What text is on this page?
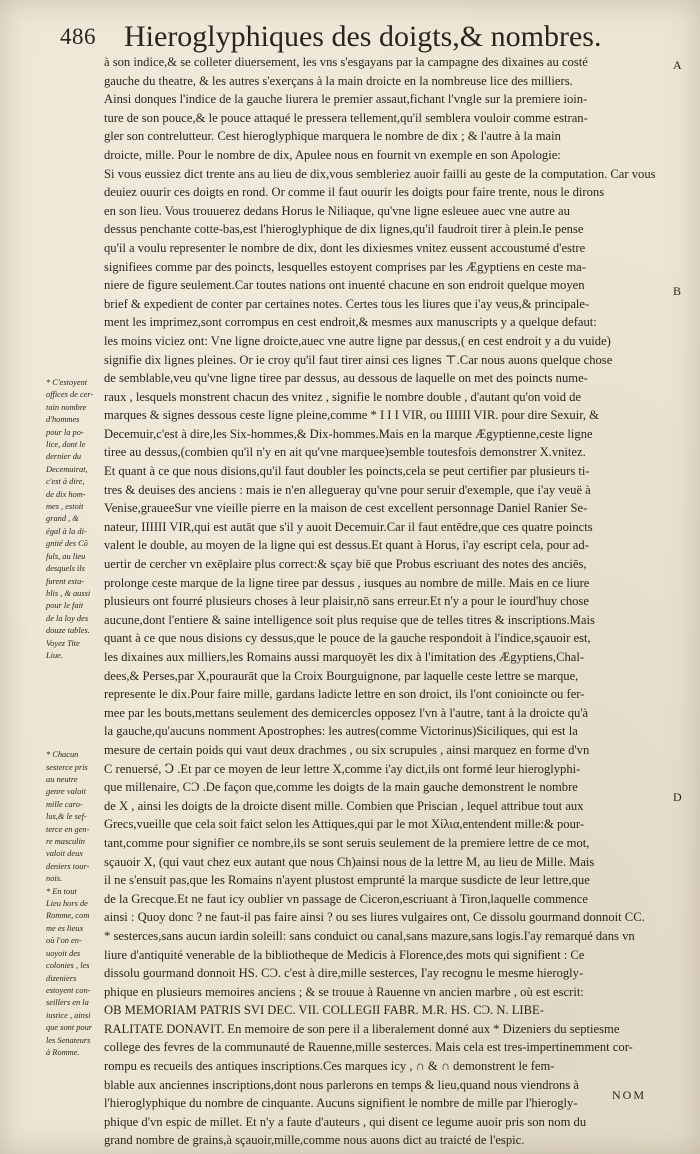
486 Hieroglyphiques des doigts,& nombres.
* C'estoyent
offices de cer-
tain nombre
d'hommes
pour la po-
lice, dont le
dernier du
Decemuirat,
c'est à dire,
de dix hom-
mes , estoit
grand , &
égal à la di-
gnité des Cō
fuls, au lieu
desquels ils
furent esta-
blis , & aussi
pour le fait
de la loy des
douze tables.
Voyez Tite
Liue.

* Chacun
sesterce pris
au neutre
genre valoit
mille caro-
lus,& le sef-
terce en gen-
re masculin
valoit deux
deniers tour-
nois.
* En tout
Lieu hors de
Romme, com
me es lieux
où l'on en-
uoyoit des
colonies , les
dizeniers
estoyent con-
seillers en la
iustice , ainsi
que sont pour
les Senateurs
à Romme.
à son indice,& se colleter diuersement, les vns s'esgayans par la campagne des dixaines au costé
gauche du theatre, & les autres s'exerçans à la main droicte en la nombreuse lice des milliers.
Ainsi donques l'indice de la gauche liurera le premier assaut,fichant l'vngle sur la premiere ioin-
ture de son pouce,& le pouce attaqué le pressera tellement,qu'il semblera vouloir comme estran-
gler son contrelutteur. Cest hieroglyphique marquera le nombre de dix ; & l'autre à la main
droicte, mille. Pour le nombre de dix, Apulee nous en fournit vn exemple en son Apologie:
Si vous eussiez dict trente ans au lieu de dix,vous sembleriez auoir failli au geste de la computation. Car vous
deuiez ouurir ces doigts en rond. Or comme il faut ouurir les doigts pour faire trente, nous le dirons
en son lieu. Vous trouuerez dedans Horus le Niliaque, qu'vne ligne esleuee auec vne autre au
dessus penchante cotte-bas,est l'hieroglyphique de dix lignes,qu'il faudroit tirer à plein.Ie pense
qu'il a voulu representer le nombre de dix, dont les dixiesmes vnitez eussent accoustumé d'estre
signifiees comme par des poincts, lesquelles estoyent comprises par les Ægyptiens en ceste ma-
niere de figure seulement.Car toutes nations ont inuenté chacune en son endroit quelque moyen
brief & expedient de conter par certaines notes. Certes tous les liures que i'ay veus,& principale-
ment les imprimez,sont corrompus en cest endroit,& mesmes aux manuscripts y a quelque defaut:
les moins viciez ont: Vne ligne droicte,auec vne autre ligne par dessus,( en cest endroit y a du vuide)
signifie dix lignes pleines. Or ie croy qu'il faut tirer ainsi ces lignes ⊤.Car nous auons quelque chose
de semblable,veu qu'vne ligne tiree par dessus, au dessous de laquelle on met des poincts nume-
raux , lesquels monstrent chacun des vnitez , signifie le nombre double , d'autant qu'on void de
marques & signes dessous ceste ligne pleine,comme * I I I VIR, ou IIIIII VIR. pour dire Sexuir, &
Decemuir,c'est à dire,les Six-hommes,& Dix-hommes.Mais en la marque Ægyptienne,ceste ligne
tiree au dessus,(combien qu'il n'y en ait qu'vne marquee)semble toutesfois demonstrer X.vnitez.
Et quant à ce que nous disions,qu'il faut doubler les poincts,cela se peut certifier par plusieurs ti-
tres & deuises des anciens : mais ie n'en allegueray qu'vne pour seruir d'exemple, que i'ay veuë à
Venise,graueeSur vne vieille pierre en la maison de cest excellent personnage Daniel Ranier Se-
nateur, IIIIII VIR,qui est autāt que s'il y auoit Decemuir.Car il faut entēdre,que ces quatre poincts
valent le double, au moyen de la ligne qui est dessus.Et quant à Horus, i'ay escript cela, pour ad-
uertir de cercher vn exēplaire plus correct:& sçay biē que Probus escriuant des notes des anciēs,
prolonge ceste marque de la ligne tiree par dessus , iusques au nombre de mille. Mais en ce liure
plusieurs ont fourré plusieurs choses à leur plaisir,nō sans erreur.Et n'y a pour le iourd'huy chose
aucune,dont l'entiere & saine intelligence soit plus requise que de telles titres & inscriptions.Mais
quant à ce que nous disions cy dessus,que le pouce de la gauche respondoit à l'indice,sçauoir est,
les dixaines aux milliers,les Romains aussi marquoyēt les dix à l'imitation des Ægyptiens,Chal-
dees,& Perses,par X,pouraurāt que la Croix Bourguignone, par laquelle ceste lettre se marque,
represente le dix.Pour faire mille, gardans ladicte lettre en son droict, ils l'ont conioincte ou fer-
mee par les bouts,mettans seulement des demicercles opposez l'vn à l'autre, tant à la droicte qu'à
la gauche,qu'aucuns nomment Apostrophes: les autres(comme Victorinus)Siciliques, qui est la
mesure de certain poids qui vaut deux drachmes , ou six scrupules , ainsi marquez en forme d'vn
C renuersé, Ↄ .Et par ce moyen de leur lettre X,comme i'ay dict,ils ont formé leur hieroglyphi-
que millenaire, CƆ .De façon que,comme les doigts de la main gauche demonstrent le nombre
de X , ainsi les doigts de la droicte disent mille. Combien que Priscian , lequel attribue tout aux
Grecs,vueille que cela soit faict selon les Attiques,qui par le mot Χίλια,entendent mille:& pour-
tant,comme pour signifier ce nombre,ils se sont seruis seulement de la premiere lettre de ce mot,
sçauoir X, (qui vaut chez eux autant que nous Ch)ainsi nous de la lettre M, au lieu de Mille. Mais
il ne s'ensuit pas,que les Romains n'ayent plustost emprunté la marque susdicte de leur lettre,que
de la Grecque.Et ne faut icy oublier vn passage de Ciceron,escriuant à Tiron,laquelle commence
ainsi : Quoy donc ? ne faut-il pas faire ainsi ? ou ses liures vulgaires ont, Ce dissolu gourmand donnoit CC.
* sesterces,sans aucun iardin soleill: sans conduict ou canal,sans mazure,sans logis.I'ay remarqué dans vn
liure d'antiquité venerable de la bibliotheque de Medicis à Florence,des mots qui signifient : Ce
dissolu gourmand donnoit HS. CƆ. c'est à dire,mille sesterces, I'ay recognu le mesme hierogly-
phique en plusieurs memoires anciens ; & se trouue à Rauenne vn ancien marbre , où est escrit:
OB MEMORIAM PATRIS SVI DEC. VII. COLLEGII FABR. M.R. HS. CƆ. N. LIBE-
RALITATE DONAVIT. En memoire de son pere il a liberalement donné aux * Dizeniers du septiesme
college des fevres de la communauté de Rauenne,mille sesterces. Mais cela est tres-impertinemment cor-
rompu es recueils des antiques inscriptions.Ces marques icy , ∩ & ∩ demonstrent le fem-
blable aux anciennes inscriptions,dont nous parlerons en temps & lieu,quand nous viendrons à
l'hieroglyphique du nombre de cinquante. Aucuns signifient le nombre de mille par l'hierogly-
phique d'vn espic de millet. Et n'y a faute d'auteurs , qui disent ce legume auoir pris son nom du
grand nombre de grains,à sçauoir,mille,comme nous auons dict au traicté de l'espic.
A
B
D
NOM
